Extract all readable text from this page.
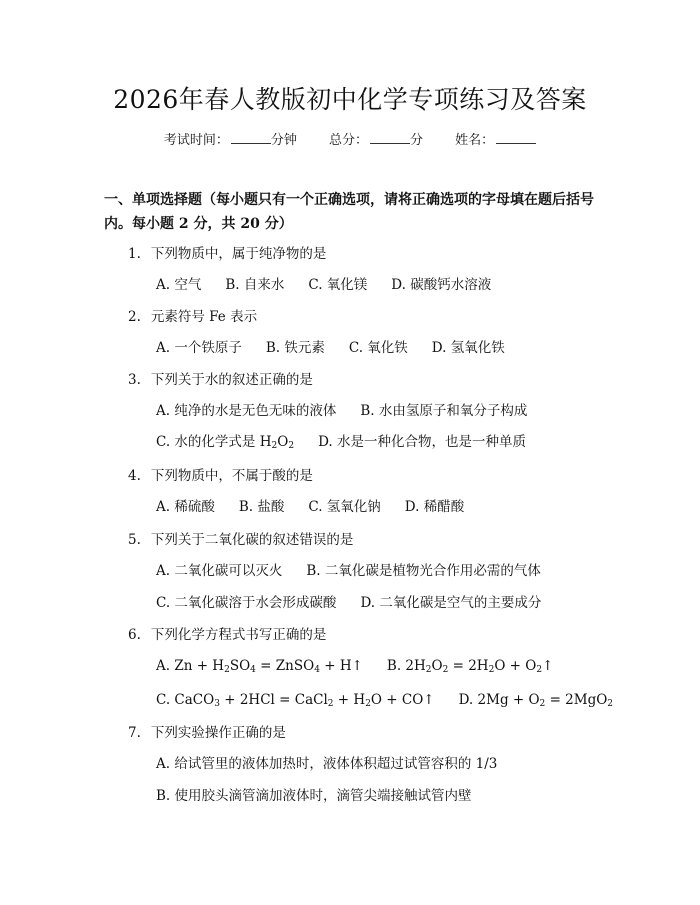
2026年春人教版初中化学专项练习及答案
考试时间：	分钟 总分：	分 姓名：
一、单项选择题（每小题只有一个正确选项，请将正确选项的字母填在题后括号内。每小题 2 分，共 20 分）
1. 下列物质中，属于纯净物的是
A. 空气 B. 自来水 C. 氧化镁 D. 碳酸钙水溶液
2. 元素符号 Fe 表示
A. 一个铁原子 B. 铁元素 C. 氧化铁 D. 氢氧化铁
3. 下列关于水的叙述正确的是
A. 纯净的水是无色无味的液体 B. 水由氢原子和氧分子构成
C. 水的化学式是 $H_2O_2$ D. 水是一种化合物，也是一种单质
4. 下列物质中，不属于酸的是
A. 稀硫酸 B. 盐酸 C. 氢氧化钠 D. 稀醋酸
5. 下列关于二氧化碳的叙述错误的是
A. 二氧化碳可以灭火 B. 二氧化碳是植物光合作用必需的气体
C. 二氧化碳溶于水会形成碳酸 D. 二氧化碳是空气的主要成分
6. 下列化学方程式书写正确的是
A. $Zn + H_2SO_4$ = ZnSO$_4$ + H↑ B. $2H_2O_2 = 2H_2O$ + $O_2↑$
C. CaCO$_3$ + 2HCl = CaCl$_2$ + $H_2O$ + CO↑ D. $2Mg + O_2 = 2MgO_2$
7. 下列实验操作正确的是
A. 给试管里的液体加热时，液体体积超过试管容积的 1/3
B. 使用胶头滴管滴加液体时，滴管尖端接触试管内壁
